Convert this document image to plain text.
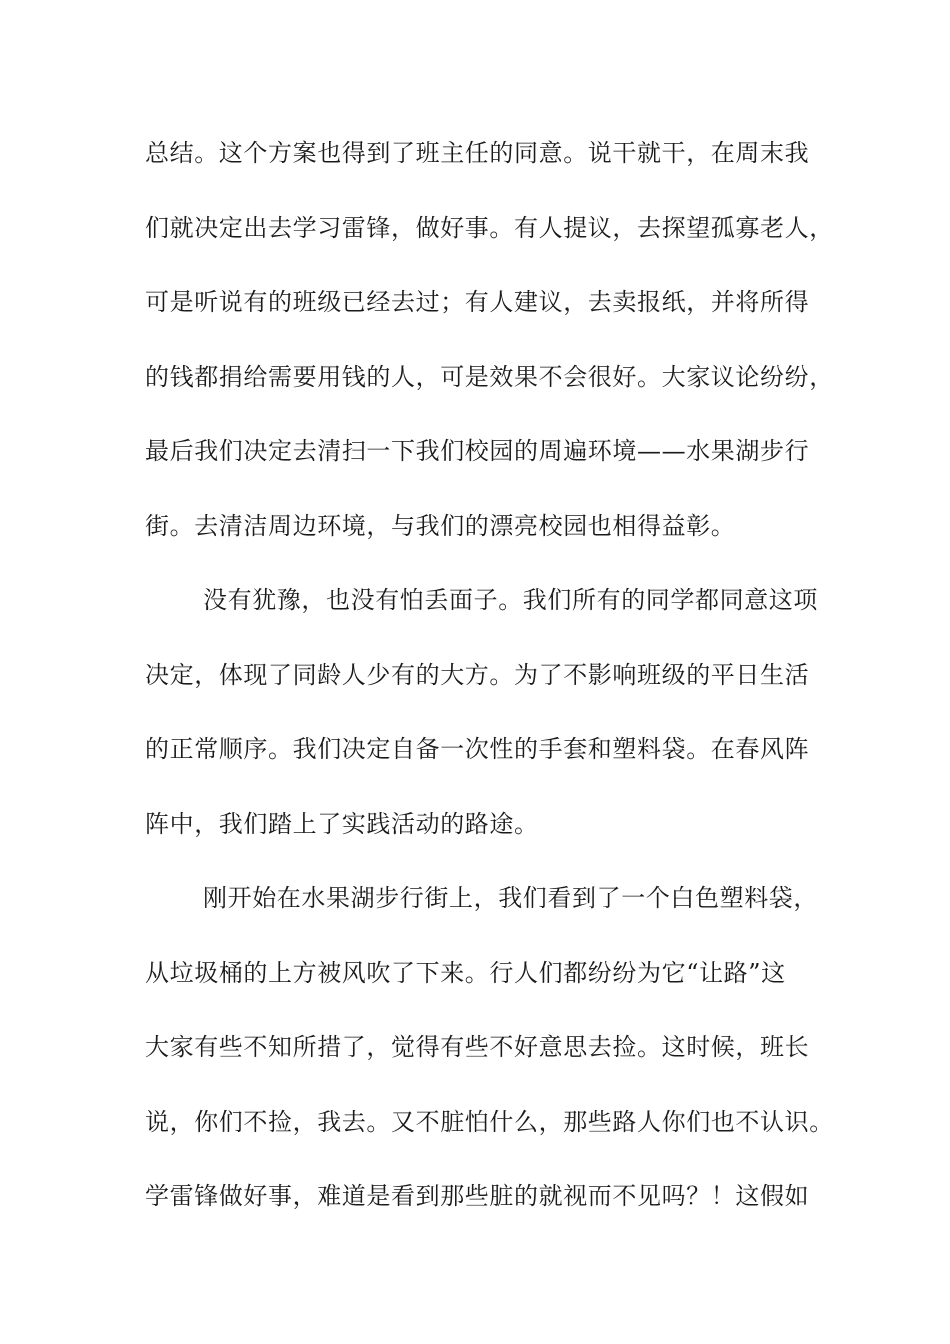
总结。这个方案也得到了班主任的同意。说干就干，在周末我
们就决定出去学习雷锋，做好事。有人提议，去探望孤寡老人，
可是听说有的班级已经去过；有人建议，去卖报纸，并将所得
的钱都捐给需要用钱的人，可是效果不会很好。大家议论纷纷，
最后我们决定去清扫一下我们校园的周遍环境——水果湖步行
街。去清洁周边环境，与我们的漂亮校园也相得益彰。
没有犹豫，也没有怕丢面子。我们所有的同学都同意这项
决定，体现了同龄人少有的大方。为了不影响班级的平日生活
的正常顺序。我们决定自备一次性的手套和塑料袋。在春风阵
阵中，我们踏上了实践活动的路途。
刚开始在水果湖步行街上，我们看到了一个白色塑料袋，
从垃圾桶的上方被风吹了下来。行人们都纷纷为它“让路”这
大家有些不知所措了，觉得有些不好意思去捡。这时候，班长
说，你们不捡，我去。又不脏怕什么，那些路人你们也不认识。
学雷锋做好事，难道是看到那些脏的就视而不见吗？！这假如
